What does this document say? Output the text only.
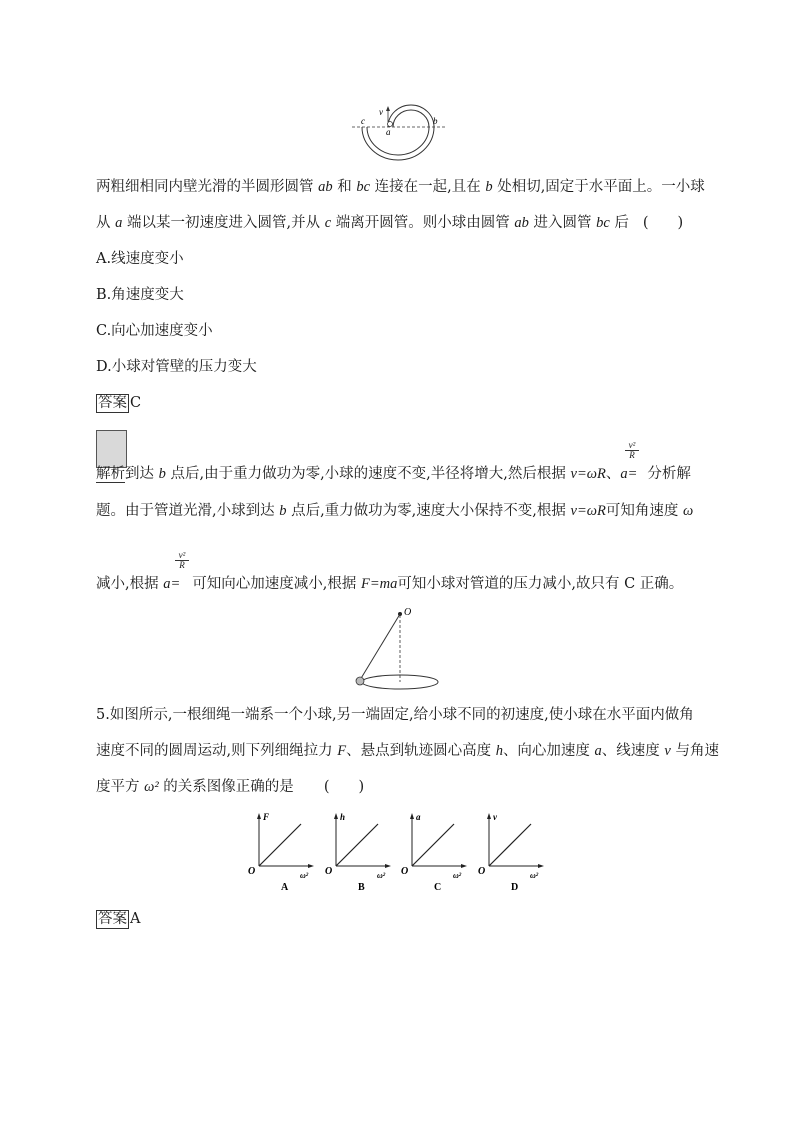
v
a
b
c
两粗细相同内壁光滑的半圆形圆管 ab 和 bc 连接在一起,且在 b 处相切,固定于水平面上。一小球
从 a 端以某一初速度进入圆管,并从 c 端离开圆管。则小球由圆管 ab 进入圆管 bc 后 (　　)
A.线速度变小
B.角速度变大
C.向心加速度变小
D.小球对管壁的压力变大
答案 C
v²
R
解析到达 b 点后,由于重力做功为零,小球的速度不变,半径将增大,然后根据 v=ωR、a= 分析解
题。由于管道光滑,小球到达 b 点后,重力做功为零,速度大小保持不变,根据 v=ωR可知角速度 ω
v²
R
减小,根据 a= 可知向心加速度减小,根据 F=ma可知小球对管道的压力减小,故只有 C 正确。
O
5.如图所示,一根细绳一端系一个小球,另一端固定,给小球不同的初速度,使小球在水平面内做角
速度不同的圆周运动,则下列细绳拉力 F、悬点到轨迹圆心高度 h、向心加速度 a、线速度 v 与角速
度平方 ω² 的关系图像正确的是 (　　)
F
O	ω²
A
h
O	ω²
B
a
O	ω²
C
v
O	ω²
D
答案 A
